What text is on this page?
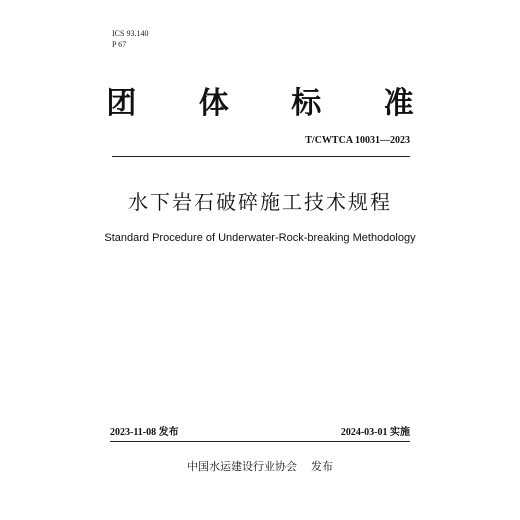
ICS 93.140
P 67
团 体 标 准
T/CWTCA 10031—2023
水下岩石破碎施工技术规程
Standard Procedure of Underwater-Rock-breaking Methodology
2023-11-08 发布	2024-03-01 实施
中国水运建设行业协会 发布
